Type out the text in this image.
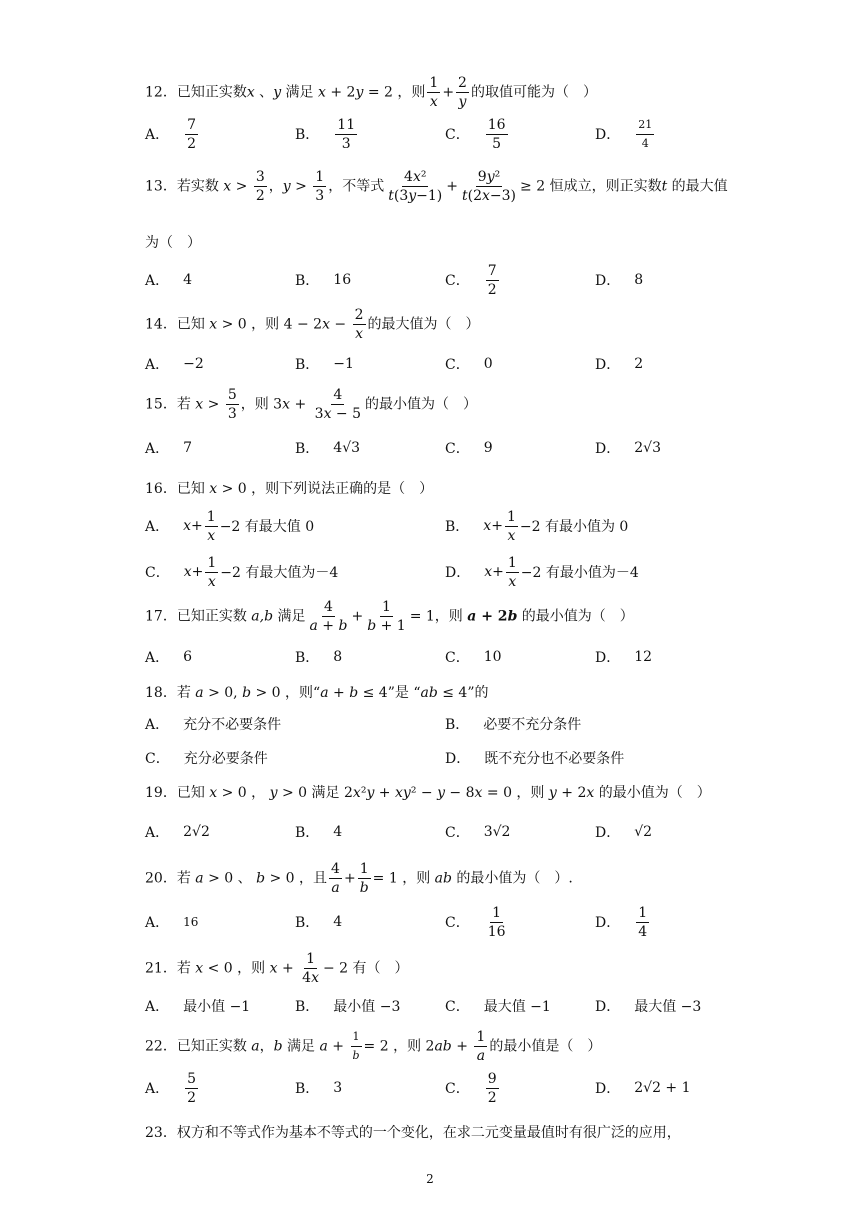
12．已知正实数x 、y 满足 x + 2y = 2 ，则 $\frac{1}{x} + \frac{2}{y}$ 的取值可能为（　）
A． $\frac{7}{2}$	B． $\frac{11}{3}$	C． $\frac{16}{5}$	D． $\frac{21}{4}$
13．若实数 $x > \frac{3}{2}$ ，$y > \frac{1}{3}$ ，不等式 $\frac{\text{4x²}}{t(3y-1)} + \frac{\text{9y²}}{t(2x-3)} \ge 2$ 恒成立，则正实数t 的最大值
为（　）
A． 4	B． 16	C． $\frac{7}{2}$	D． 8
14．已知 x > 0 ，则 $4 - 2x - \frac{2}{x}$ 的最大值为（　）
A． −2	B． −1	C． 0	D． 2
15．若 $x > \frac{5}{3}$ ，则 $3x + \frac{4}{3x - 5}$ 的最小值为（　）
A． 7	B． 4√3	C． 9	D． 2√3
16．已知 x > 0 ，则下列说法正确的是（　）
A． $x + \frac{1}{x} -2$ 有最大值 0	B． $x + \frac{1}{x} -2$ 有最小值为 0
C． $x + \frac{1}{x} -2$ 有最大值为－4	D． $x + \frac{1}{x} -2$ 有最小值为－4
17．已知正实数 a,b 满足 $\frac{4}{a + b} + \frac{1}{b + 1} = 1$，则 a + 2b 的最小值为（　）
A． 6	B． 8	C． 10	D． 12
18．若 a > 0, b > 0 ，则“a + b ≤ 4”是 “ab ≤ 4”的
A． 充分不必要条件	B． 必要不充分条件
C． 充分必要条件	D． 既不充分也不必要条件
19．已知 x > 0 ， y > 0 满足 2x²y + xy² − y − 8x = 0 ，则 y + 2x 的最小值为（　）
A． 2√2	B． 4	C． 3√2	D． √2
20．若 a > 0 、 b > 0 ，且 $\frac{4}{a} + \frac{1}{b} = 1$ ，则 ab 的最小值为（　）.
A． 16	B． 4	C． $\frac{1}{16}$	D． $\frac{1}{4}$
21．若 x < 0 ，则 $x + \frac{1}{4x} - 2$ 有（　）
A． 最小值 −1	B． 最小值 −3	C． 最大值 −1	D． 最大值 −3
22．已知正实数 a，b 满足 $a + \frac{1}{b} = 2$ ，则 $2ab + \frac{1}{a}$ 的最小值是（　）
A． $\frac{5}{2}$	B． 3	C． $\frac{9}{2}$	D． 2√2 + 1
23．权方和不等式作为基本不等式的一个变化，在求二元变量最值时有很广泛的应用，
2
